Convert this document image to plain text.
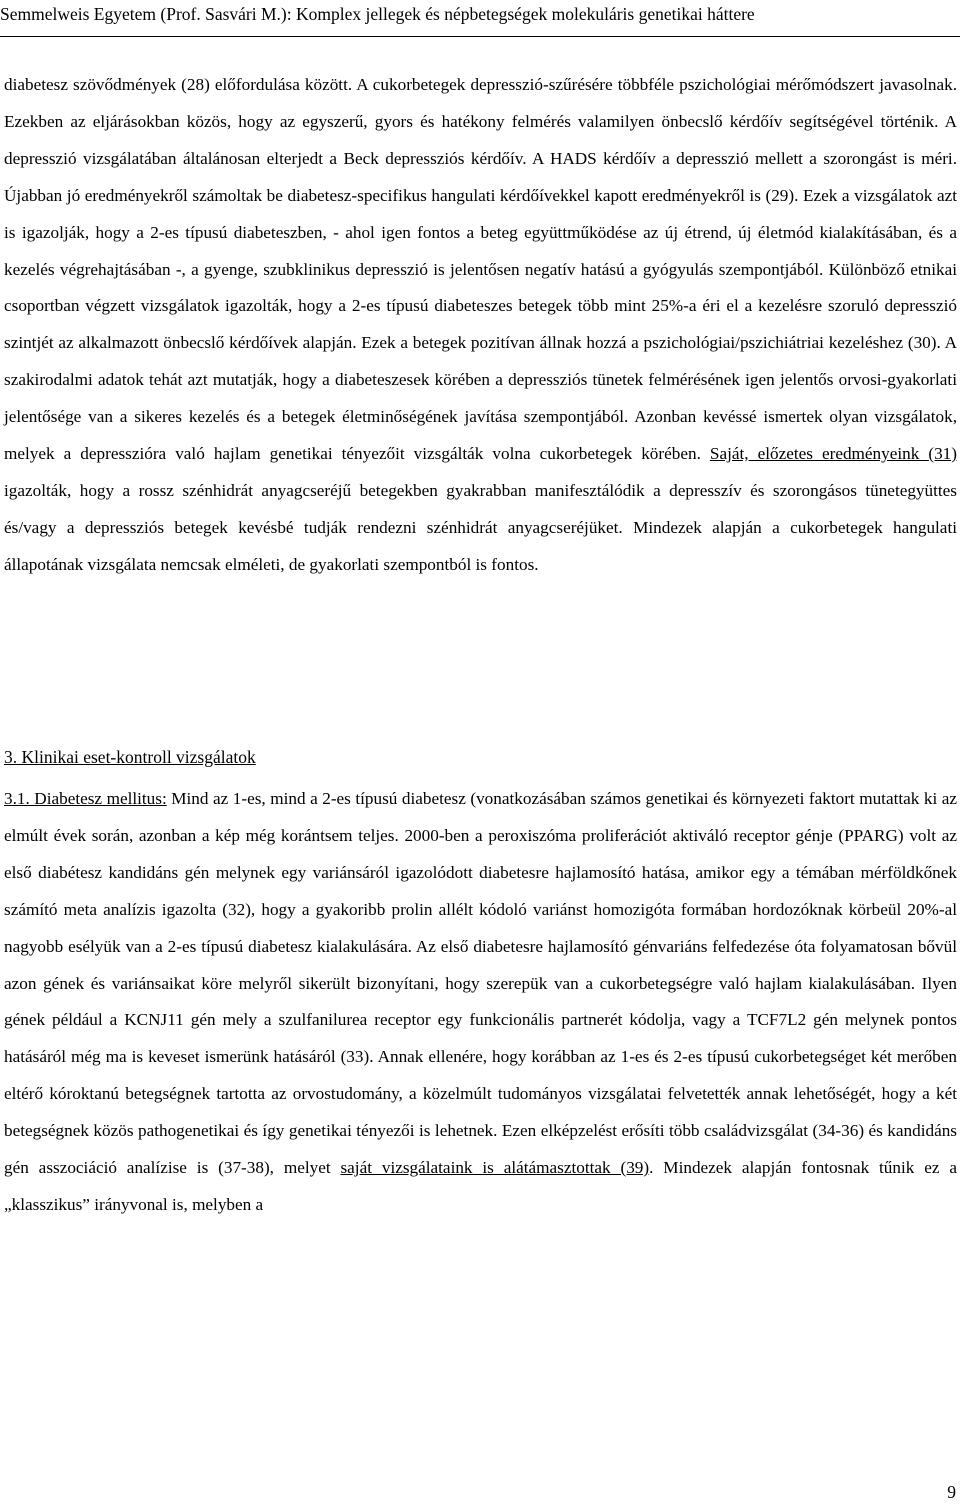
Semmelweis Egyetem (Prof. Sasvári M.): Komplex jellegek és népbetegségek molekuláris genetikai háttere
diabetesz szövődmények (28) előfordulása között. A cukorbetegek depresszió-szűrésére többféle pszichológiai mérőmódszert javasolnak. Ezekben az eljárásokban közös, hogy az egyszerű, gyors és hatékony felmérés valamilyen önbecslő kérdőív segítségével történik. A depresszió vizsgálatában általánosan elterjedt a Beck depressziós kérdőív. A HADS kérdőív a depresszió mellett a szorongást is méri. Újabban jó eredményekről számoltak be diabetesz-specifikus hangulati kérdőívekkel kapott eredményekről is (29). Ezek a vizsgálatok azt is igazolják, hogy a 2-es típusú diabeteszben, - ahol igen fontos a beteg együttműködése az új étrend, új életmód kialakításában, és a kezelés végrehajtásában -, a gyenge, szubklinikus depresszió is jelentősen negatív hatású a gyógyulás szempontjából. Különböző etnikai csoportban végzett vizsgálatok igazolták, hogy a 2-es típusú diabeteszes betegek több mint 25%-a éri el a kezelésre szoruló depresszió szintjét az alkalmazott önbecslő kérdőívek alapján. Ezek a betegek pozitívan állnak hozzá a pszichológiai/pszichiátriai kezeléshez (30). A szakirodalmi adatok tehát azt mutatják, hogy a diabeteszesek körében a depressziós tünetek felmérésének igen jelentős orvosi-gyakorlati jelentősége van a sikeres kezelés és a betegek életminőségének javítása szempontjából. Azonban kevéssé ismertek olyan vizsgálatok, melyek a depresszióra való hajlam genetikai tényezőit vizsgálták volna cukorbetegek körében. Saját, előzetes eredményeink (31) igazolták, hogy a rossz szénhidrát anyagcseréjű betegekben gyakrabban manifesztálódik a depresszív és szorongásos tünetegyüttes és/vagy a depressziós betegek kevésbé tudják rendezni szénhidrát anyagcseréjüket. Mindezek alapján a cukorbetegek hangulati állapotának vizsgálata nemcsak elméleti, de gyakorlati szempontból is fontos.
3. Klinikai eset-kontroll vizsgálatok
3.1. Diabetesz mellitus: Mind az 1-es, mind a 2-es típusú diabetesz (vonatkozásában számos genetikai és környezeti faktort mutattak ki az elmúlt évek során, azonban a kép még korántsem teljes. 2000-ben a peroxiszóma proliferációt aktiváló receptor génje (PPARG) volt az első diabétesz kandidáns gén melynek egy variánsáról igazolódott diabetesre hajlamosító hatása, amikor egy a témában mérföldkőnek számító meta analízis igazolta (32), hogy a gyakoribb prolin allélt kódoló variánst homozigóta formában hordozóknak körbeül 20%-al nagyobb esélyük van a 2-es típusú diabetesz kialakulására. Az első diabetesre hajlamosító génvariáns felfedezése óta folyamatosan bővül azon gének és variánsaikat köre melyről sikerült bizonyítani, hogy szerepük van a cukorbetegségre való hajlam kialakulásában. Ilyen gének például a KCNJ11 gén mely a szulfanilurea receptor egy funkcionális partnerét kódolja, vagy a TCF7L2 gén melynek pontos hatásáról még ma is keveset ismerünk hatásáról (33). Annak ellenére, hogy korábban az 1-es és 2-es típusú cukorbetegséget két merőben eltérő kóroktanú betegségnek tartotta az orvostudomány, a közelmúlt tudományos vizsgálatai felvetették annak lehetőségét, hogy a két betegségnek közös pathogenetikai és így genetikai tényezői is lehetnek. Ezen elképzelést erősíti több családvizsgálat (34-36) és kandidáns gén asszociáció analízise is (37-38), melyet saját vizsgálataink is alátámasztottak (39). Mindezek alapján fontosnak tűnik ez a „klasszikus” irányvonal is, melyben a
9
